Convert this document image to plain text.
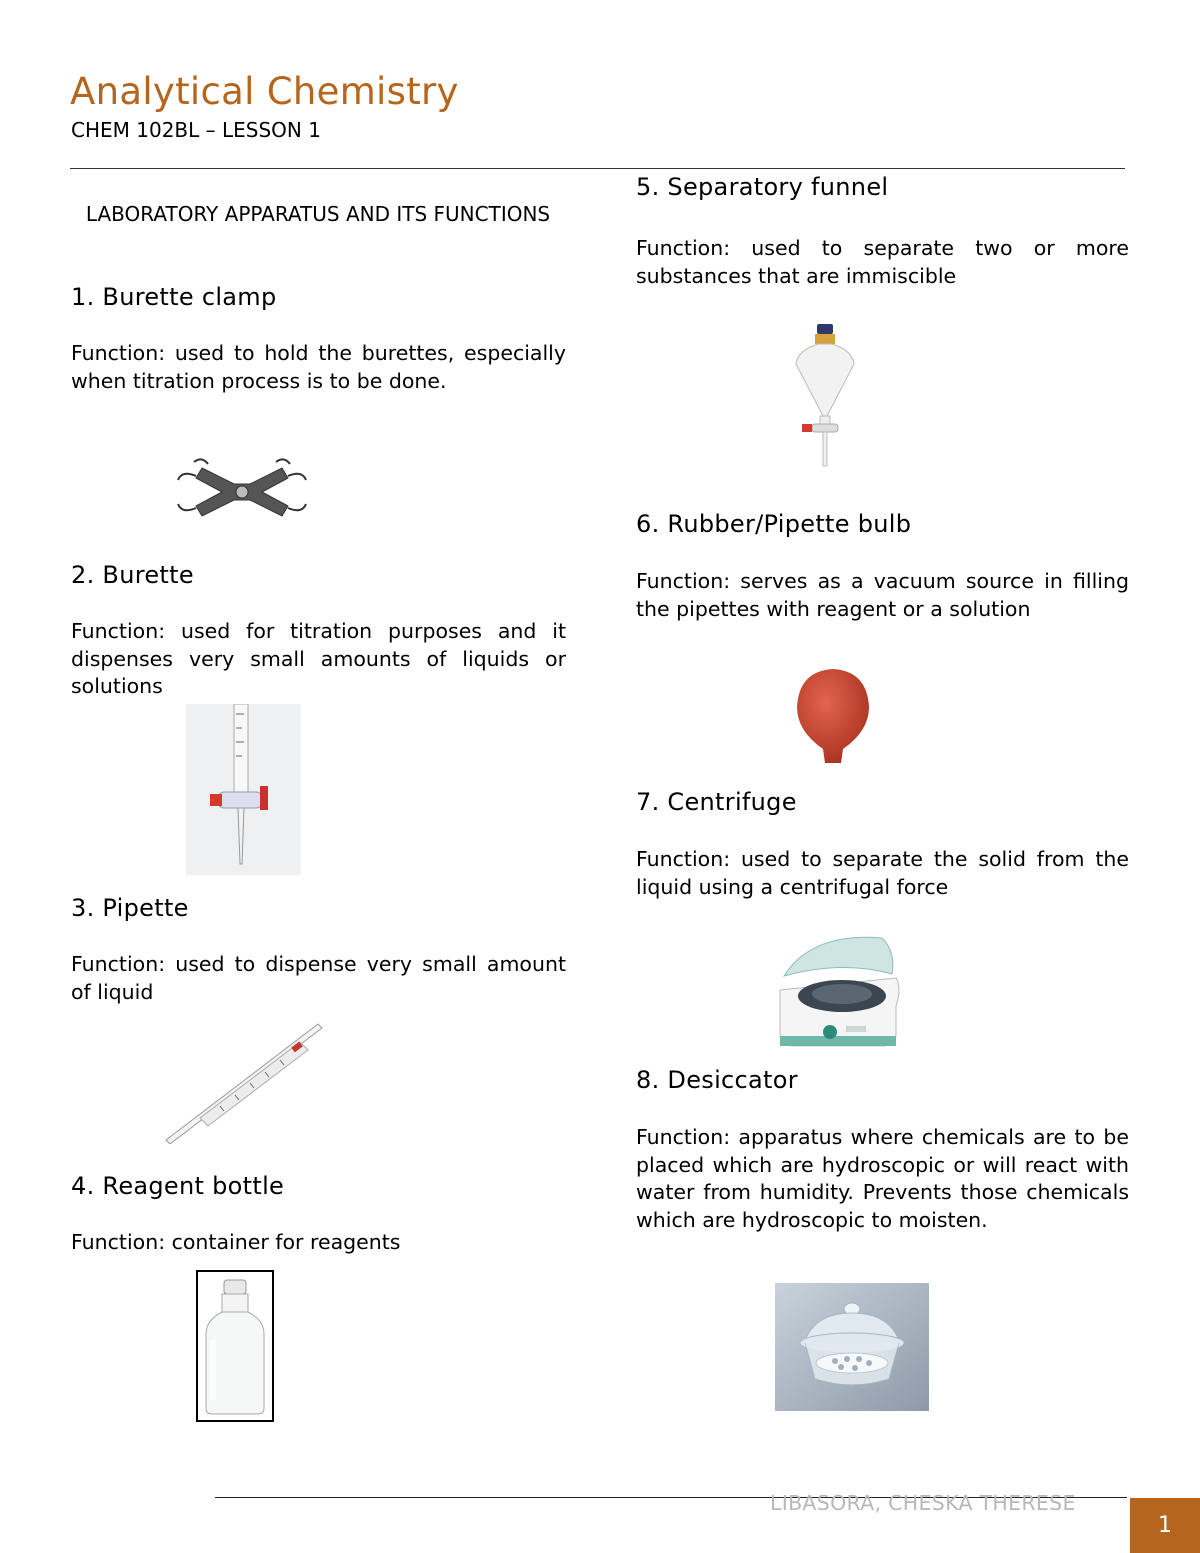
Analytical Chemistry
CHEM 102BL – LESSON 1
LABORATORY APPARATUS AND ITS FUNCTIONS
1. Burette clamp
Function: used to hold the burettes, especially when titration process is to be done.
2. Burette
Function: used for titration purposes and it dispenses very small amounts of liquids or solutions
3. Pipette
Function: used to dispense very small amount of liquid
4. Reagent bottle
Function: container for reagents
5. Separatory funnel
Function: used to separate two or more substances that are immiscible
6. Rubber/Pipette bulb
Function: serves as a vacuum source in filling the pipettes with reagent or a solution
7. Centrifuge
Function: used to separate the solid from the liquid using a centrifugal force
8. Desiccator
Function: apparatus where chemicals are to be placed which are hydroscopic or will react with water from humidity. Prevents those chemicals which are hydroscopic to moisten.
LIBASORA, CHESKA THERESE
1
